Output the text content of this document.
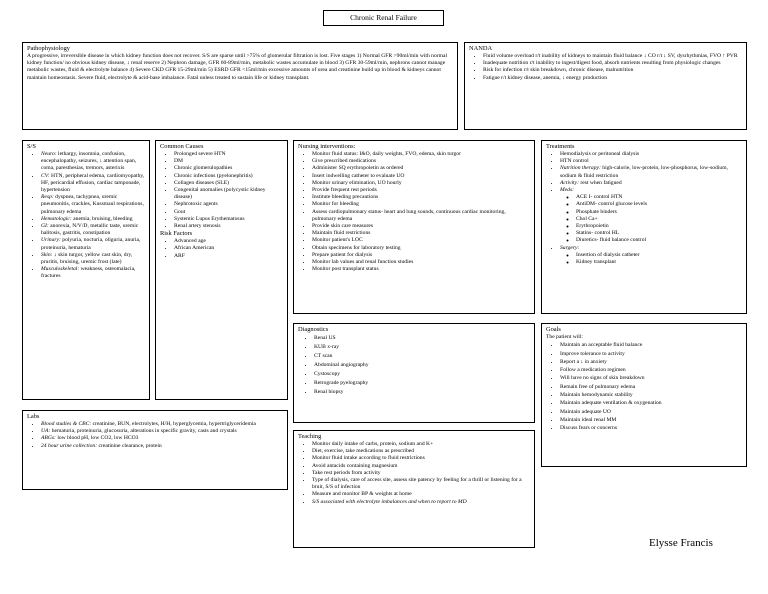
Chronic Renal Failure
Pathophysiology
A progressive, irreversible disease in which kidney function does not recover. S/S are sparse until >75% of glomerular filtration is lost. Five stages 1) Normal GFR >90ml/min with normal kidney function/ no obvious kidney disease, ↓ renal reserve 2) Nephron damage, GFR 60-89ml/min, metabolic wastes accumulate in blood 3) GFR 30-59ml/min, nephrons cannot manage metabolic wastes, fluid & electrolyte balance 4) Severe CKD GFR 15-29ml/min 5) ESRD GFR <15ml/min excessive amounts of urea and creatinine build up in blood & kidneys cannot maintain homeostasis. Severe fluid, electrolyte & acid-base imbalance. Fatal unless treated to sustain life or kidney transplant.
NANDA
• Fluid volume overload r/t inability of kidneys to maintain fluid balance ↓ CO r/t ↓ SV, dysrhythmias, FVO ↑ PVR
• Inadequate nutrition r/t inability to ingest/digest food, absorb nutrients resulting from physiologic changes
• Risk for infection r/t skin breakdown, chronic disease, malnutrition
• Fatigue r/t kidney disease, anemia, ↓ energy production
S/S
• Neuro: lethargy, insomnia, confusion, encephalopathy, seizures, ↓ attention span, coma, paresthesias, tremors, asterixis
• CV: HTN, peripheral edema, cardiomyopathy, HF, pericardial effusion, cardiac tamponade, hypertension
• Resp: dyspnea, tachypnea, uremic pneumonitis, crackles, Kussmaul respirations, pulmonary edema
• Hematologic: anemia, bruising, bleeding
• GI: anorexia, N/V/D, metallic taste, uremic halitosis, gastritis, constipation
• Urinary: polyuria, nocturia, oliguria, anuria, proteinuria, hematuria
• Skin: ↓ skin turgor, yellow cast skin, dry, pruritis, bruising, uremic frost (late)
• Musculoskeletal: weakness, osteomalacia, fractures
Common Causes
• Prolonged severe HTN
• DM
• Chronic glomerulopathies
• Chronic infections (pyelonephritis)
• Collagen diseases (SLE)
• Congenital anomalies (polycystic kidney disease)
• Nephrotoxic agents
• Gout
• Systemic Lupus Erythematosus
• Renal artery stenosis
Risk Factors
• Advanced age
• African American
• ARF
Nursing interventions:
• Monitor fluid status: I&O, daily weights, FVO, edema, skin turgor
• Give prescribed medications
• Administer SQ erythropoietin as ordered
• Insert indwelling catheter to evaluate UO
• Monitor urinary elimination, UO hourly
• Provide frequent rest periods
• Institute bleeding precautions
• Monitor for bleeding
• Assess cardiopulmonary status- heart and lung sounds, continuous cardiac monitoring, pulmonary edema
• Provide skin care measures
• Maintain fluid restrictions
• Monitor patient's LOC
• Obtain specimens for laboratory testing
• Prepare patient for dialysis
• Monitor lab values and renal function studies
• Monitor post transplant status
Treatments
• Hemodialysis or peritoneal dialysis
• HTN control
• Nutrition therapy: high-calorie, low-protein, low-phosphorus, low-sodium, sodium & fluid restriction
• Activity: rest when fatigued
• Meds:
◦ ACE I- control HTN
◦ AntiDM- control glucose levels
◦ Phosphate binders
◦ Chol Ca+
◦ Erythropoietin
◦ Statins- control HL
◦ Diuretics- fluid balance control
• Surgery:
◦ Insertion of dialysis catheter
◦ Kidney transplant
Diagnostics
• Renal US
• KUB x-ray
• CT scan
• Abdominal angiography
• Cystoscopy
• Retrograde pyelography
• Renal biopsy
Goals
The patient will:
• Maintain an acceptable fluid balance
• Improve tolerance to activity
• Report a ↓ in anxiety
• Follow a medication regimen
• Will have no signs of skin breakdown
• Remain free of pulmonary edema
• Maintain hemodynamic stability
• Maintain adequate ventilation & oxygenation
• Maintain adequate UO
• Maintain ideal renal MM
• Discuss fears or concerns
Labs
• Blood studies & CBC: creatinine, BUN, electrolytes, H/H, hyperglycemia, hypertriglyceridemia
• UA: hematuria, proteinuria, glucosuria, alterations in specific gravity, casts and crystals
• ABGs: low blood pH, low CO2, low HCO3
• 24 hour urine collection: creatinine clearance, protein
Teaching
• Monitor daily intake of carbs, protein, sodium and K+
• Diet, exercise, take medications as prescribed
• Monitor fluid intake according to fluid restrictions
• Avoid antacids containing magnesium
• Take rest periods from activity
• Type of dialysis, care of access site, assess site patency by feeling for a thrill or listening for a bruit, S/S of infection
• Measure and monitor BP & weights at home
• S/S associated with electrolyte imbalances and when to report to MD
Elysse Francis
